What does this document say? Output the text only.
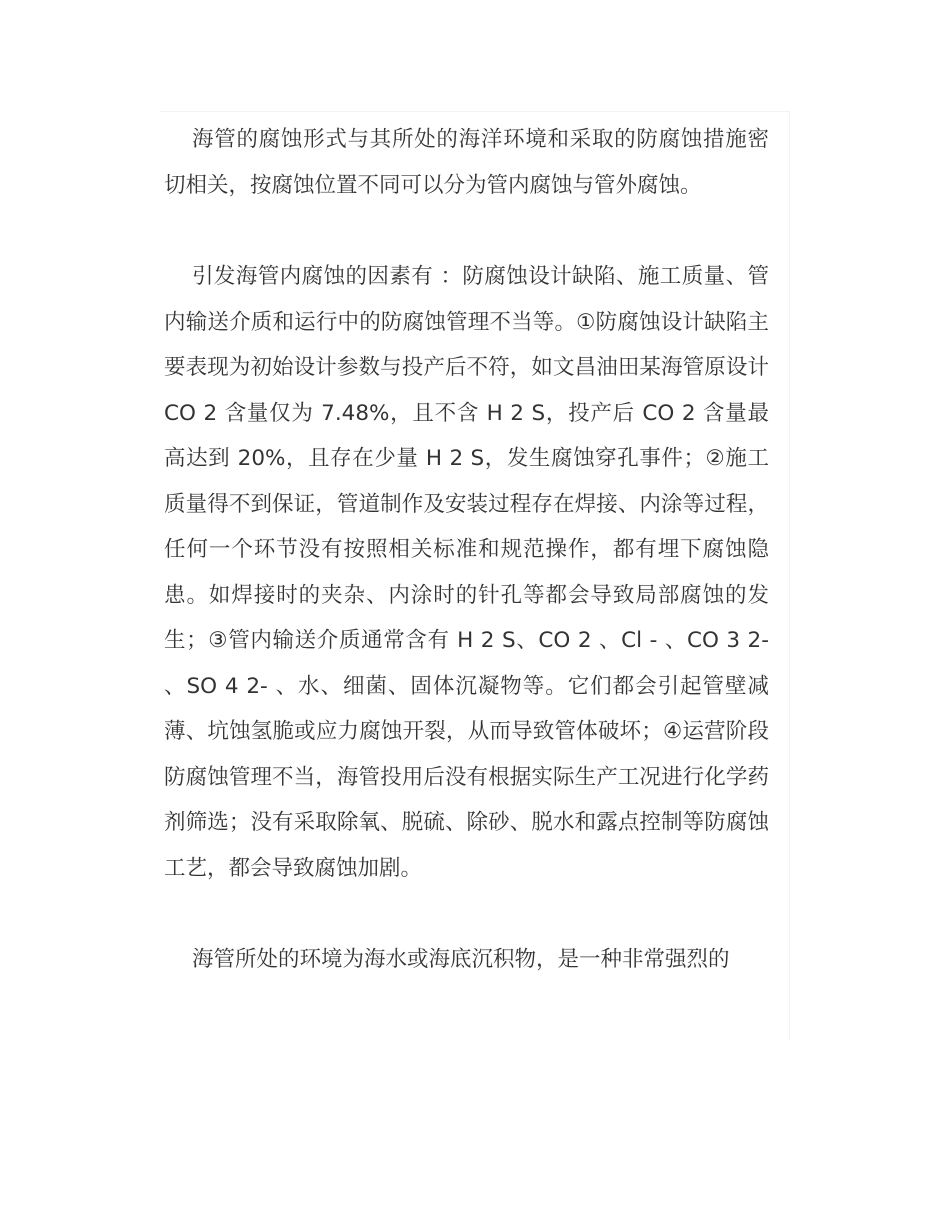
海管的腐蚀形式与其所处的海洋环境和采取的防腐蚀措施密切相关，按腐蚀位置不同可以分为管内腐蚀与管外腐蚀。

引发海管内腐蚀的因素有 ：防腐蚀设计缺陷、施工质量、管内输送介质和运行中的防腐蚀管理不当等。①防腐蚀设计缺陷主要表现为初始设计参数与投产后不符，如文昌油田某海管原设计 CO 2 含量仅为 7.48%，且不含 H 2 S，投产后 CO 2 含量最高达到 20%，且存在少量 H 2 S，发生腐蚀穿孔事件；②施工质量得不到保证，管道制作及安装过程存在焊接、内涂等过程，任何一个环节没有按照相关标准和规范操作，都有埋下腐蚀隐患。如焊接时的夹杂、内涂时的针孔等都会导致局部腐蚀的发生；③管内输送介质通常含有 H 2 S、CO 2 、Cl - 、CO 3 2- 、SO 4 2- 、水、细菌、固体沉凝物等。它们都会引起管壁减薄、坑蚀氢脆或应力腐蚀开裂，从而导致管体破坏；④运营阶段防腐蚀管理不当，海管投用后没有根据实际生产工况进行化学药剂筛选；没有采取除氧、脱硫、除砂、脱水和露点控制等防腐蚀工艺，都会导致腐蚀加剧。

海管所处的环境为海水或海底沉积物，是一种非常强烈的
